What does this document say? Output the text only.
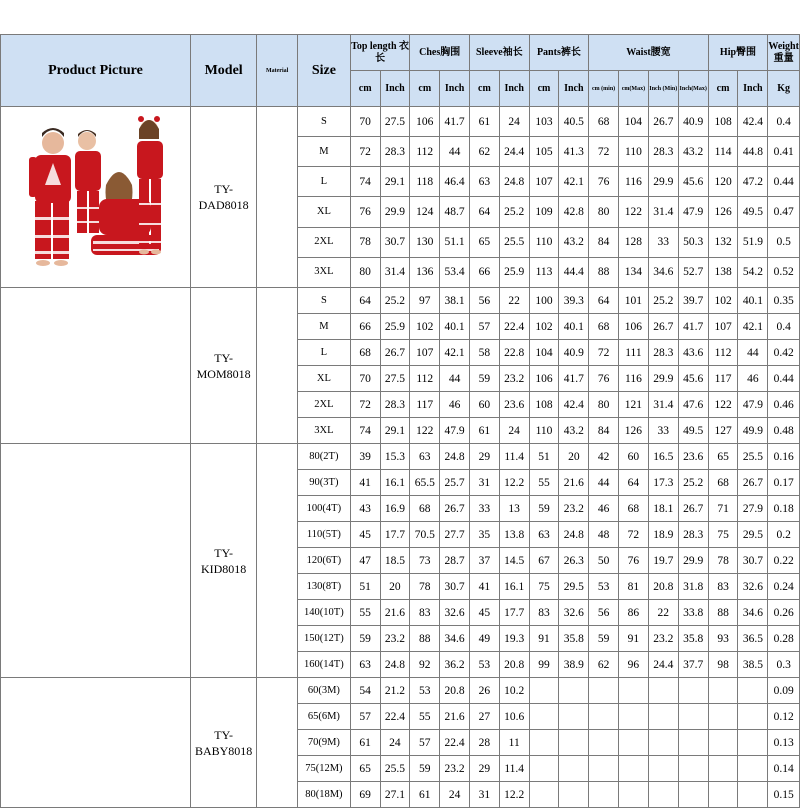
Product Picture	Model	Material	Size	Top length 衣长		Ches胸围		Sleeve袖长		Pants裤长		Waist腰宽				Hip臀围		Weight 重量
				cm	Inch	cm	Inch	cm	Inch	cm	Inch	cm (min)	cm(Max)	Inch (Min)	Inch(Max)	cm	Inch	Kg

	TY-DAD8018		S	70	27.5	106	41.7	61	24	103	40.5	68	104	26.7	40.9	108	42.4	0.4
			M	72	28.3	112	44	62	24.4	105	41.3	72	110	28.3	43.2	114	44.8	0.41
			L	74	29.1	118	46.4	63	24.8	107	42.1	76	116	29.9	45.6	120	47.2	0.44
			XL	76	29.9	124	48.7	64	25.2	109	42.8	80	122	31.4	47.9	126	49.5	0.47
			2XL	78	30.7	130	51.1	65	25.5	110	43.2	84	128	33	50.3	132	51.9	0.5
			3XL	80	31.4	136	53.4	66	25.9	113	44.4	88	134	34.6	52.7	138	54.2	0.52
	TY-MOM8018		S	64	25.2	97	38.1	56	22	100	39.3	64	101	25.2	39.7	102	40.1	0.35
			M	66	25.9	102	40.1	57	22.4	102	40.1	68	106	26.7	41.7	107	42.1	0.4
			L	68	26.7	107	42.1	58	22.8	104	40.9	72	111	28.3	43.6	112	44	0.42
			XL	70	27.5	112	44	59	23.2	106	41.7	76	116	29.9	45.6	117	46	0.44
			2XL	72	28.3	117	46	60	23.6	108	42.4	80	121	31.4	47.6	122	47.9	0.46
			3XL	74	29.1	122	47.9	61	24	110	43.2	84	126	33	49.5	127	49.9	0.48
	TY-KID8018		80(2T)	39	15.3	63	24.8	29	11.4	51	20	42	60	16.5	23.6	65	25.5	0.16
			90(3T)	41	16.1	65.5	25.7	31	12.2	55	21.6	44	64	17.3	25.2	68	26.7	0.17
			100(4T)	43	16.9	68	26.7	33	13	59	23.2	46	68	18.1	26.7	71	27.9	0.18
			110(5T)	45	17.7	70.5	27.7	35	13.8	63	24.8	48	72	18.9	28.3	75	29.5	0.2
			120(6T)	47	18.5	73	28.7	37	14.5	67	26.3	50	76	19.7	29.9	78	30.7	0.22
			130(8T)	51	20	78	30.7	41	16.1	75	29.5	53	81	20.8	31.8	83	32.6	0.24
			140(10T)	55	21.6	83	32.6	45	17.7	83	32.6	56	86	22	33.8	88	34.6	0.26
			150(12T)	59	23.2	88	34.6	49	19.3	91	35.8	59	91	23.2	35.8	93	36.5	0.28
			160(14T)	63	24.8	92	36.2	53	20.8	99	38.9	62	96	24.4	37.7	98	38.5	0.3
	TY-BABY8018		60(3M)	54	21.2	53	20.8	26	10.2									0.09
			65(6M)	57	22.4	55	21.6	27	10.6									0.12
			70(9M)	61	24	57	22.4	28	11									0.13
			75(12M)	65	25.5	59	23.2	29	11.4									0.14
			80(18M)	69	27.1	61	24	31	12.2									0.15
